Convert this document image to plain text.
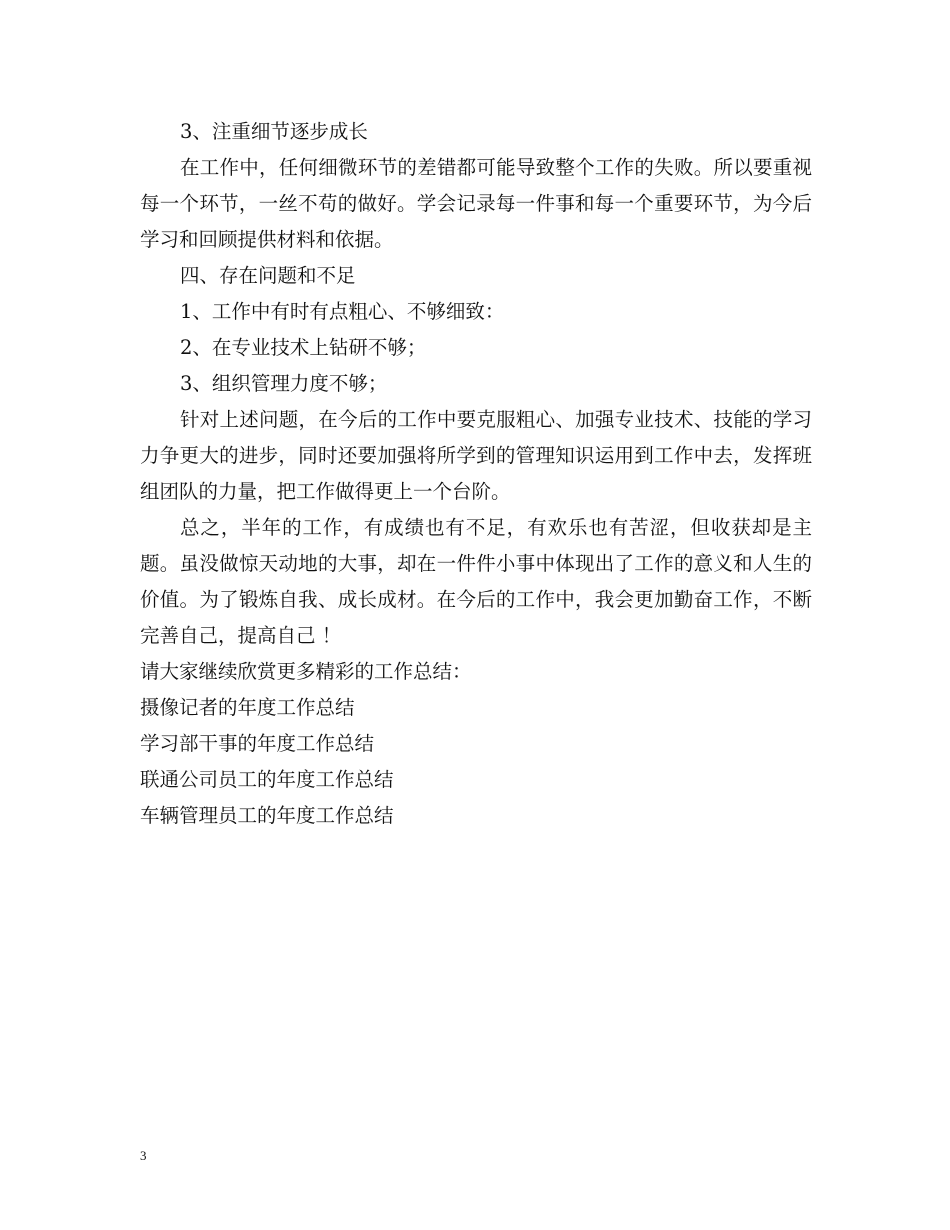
3、注重细节逐步成长

在工作中，任何细微环节的差错都可能导致整个工作的失败。所以要重视每一个环节，一丝不苟的做好。学会记录每一件事和每一个重要环节，为今后学习和回顾提供材料和依据。

四、存在问题和不足

1、工作中有时有点粗心、不够细致：

2、在专业技术上钻研不够；

3、组织管理力度不够；

针对上述问题，在今后的工作中要克服粗心、加强专业技术、技能的学习力争更大的进步，同时还要加强将所学到的管理知识运用到工作中去，发挥班组团队的力量，把工作做得更上一个台阶。

总之，半年的工作，有成绩也有不足，有欢乐也有苦涩，但收获却是主题。虽没做惊天动地的大事，却在一件件小事中体现出了工作的意义和人生的价值。为了锻炼自我、成长成材。在今后的工作中，我会更加勤奋工作，不断完善自己，提高自己 ！

请大家继续欣赏更多精彩的工作总结：

摄像记者的年度工作总结

学习部干事的年度工作总结

联通公司员工的年度工作总结

车辆管理员工的年度工作总结

3
